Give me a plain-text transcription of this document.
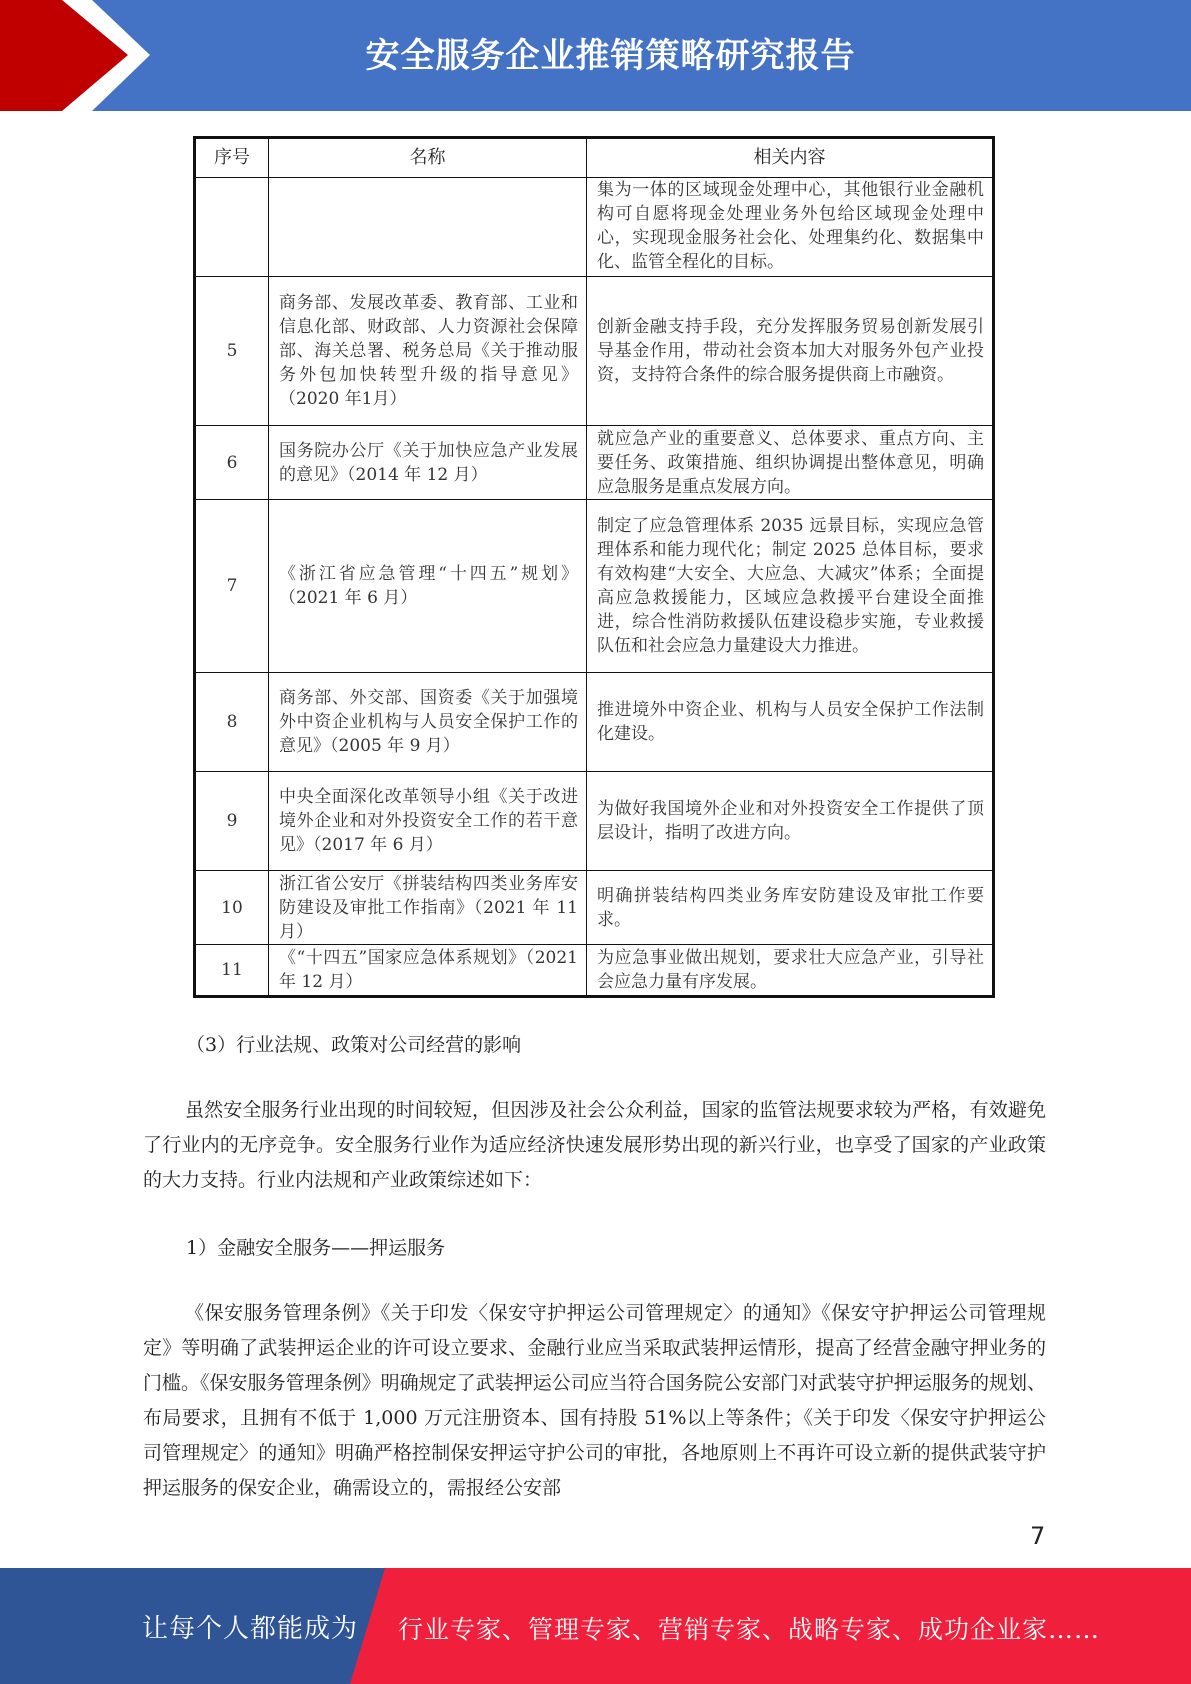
安全服务企业推销策略研究报告
序号	名称	相关内容
		集为一体的区域现金处理中心，其他银行业金融机构可自愿将现金处理业务外包给区域现金处理中心，实现现金服务社会化、处理集约化、数据集中化、监管全程化的目标。
5	商务部、发展改革委、教育部、工业和信息化部、财政部、人力资源社会保障部、海关总署、税务总局《关于推动服务外包加快转型升级的指导意见》（2020 年1月）	创新金融支持手段，充分发挥服务贸易创新发展引导基金作用，带动社会资本加大对服务外包产业投资，支持符合条件的综合服务提供商上市融资。
6	国务院办公厅《关于加快应急产业发展的意见》（2014 年 12 月）	就应急产业的重要意义、总体要求、重点方向、主要任务、政策措施、组织协调提出整体意见，明确应急服务是重点发展方向。
7	《浙江省应急管理“十四五”规划》（2021 年 6 月）	制定了应急管理体系 2035 远景目标，实现应急管理体系和能力现代化；制定 2025 总体目标，要求有效构建“大安全、大应急、大减灾”体系；全面提高应急救援能力，区域应急救援平台建设全面推进，综合性消防救援队伍建设稳步实施，专业救援队伍和社会应急力量建设大力推进。
8	商务部、外交部、国资委《关于加强境外中资企业机构与人员安全保护工作的意见》（2005 年 9 月）	推进境外中资企业、机构与人员安全保护工作法制化建设。
9	中央全面深化改革领导小组《关于改进境外企业和对外投资安全工作的若干意见》（2017 年 6 月）	为做好我国境外企业和对外投资安全工作提供了顶层设计，指明了改进方向。
10	浙江省公安厅《拼装结构四类业务库安防建设及审批工作指南》（2021 年 11 月）	明确拼装结构四类业务库安防建设及审批工作要求。
11	《“十四五”国家应急体系规划》（2021 年 12 月）	为应急事业做出规划，要求壮大应急产业，引导社会应急力量有序发展。

（3）行业法规、政策对公司经营的影响

虽然安全服务行业出现的时间较短，但因涉及社会公众利益，国家的监管法规要求较为严格，有效避免了行业内的无序竞争。安全服务行业作为适应经济快速发展形势出现的新兴行业，也享受了国家的产业政策的大力支持。行业内法规和产业政策综述如下：

1）金融安全服务——押运服务

《保安服务管理条例》《关于印发〈保安守护押运公司管理规定〉的通知》《保安守护押运公司管理规定》等明确了武装押运企业的许可设立要求、金融行业应当采取武装押运情形，提高了经营金融守押业务的门槛。《保安服务管理条例》明确规定了武装押运公司应当符合国务院公安部门对武装守护押运服务的规划、布局要求，且拥有不低于 1,000 万元注册资本、国有持股 51%以上等条件；《关于印发〈保安守护押运公司管理规定〉的通知》明确严格控制保安押运守护公司的审批，各地原则上不再许可设立新的提供武装守护押运服务的保安企业，确需设立的，需报经公安部

7
让每个人都能成为 行业专家、管理专家、营销专家、战略专家、成功企业家……
